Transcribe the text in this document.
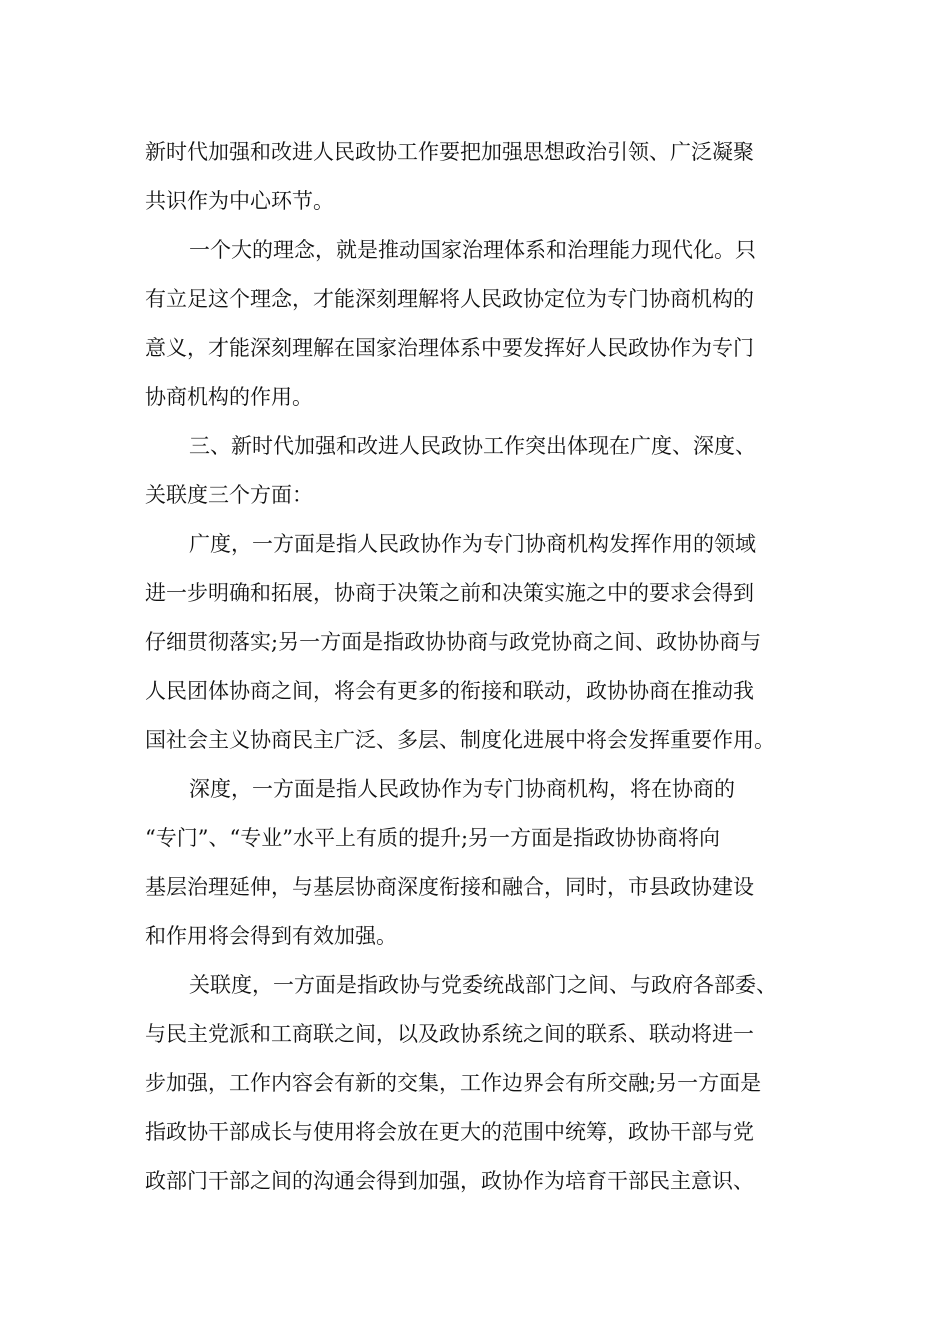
新时代加强和改进人民政协工作要把加强思想政治引领、广泛凝聚
共识作为中心环节。
一个大的理念，就是推动国家治理体系和治理能力现代化。只
有立足这个理念，才能深刻理解将人民政协定位为专门协商机构的
意义，才能深刻理解在国家治理体系中要发挥好人民政协作为专门
协商机构的作用。
三、新时代加强和改进人民政协工作突出体现在广度、深度、
关联度三个方面：
广度，一方面是指人民政协作为专门协商机构发挥作用的领域
进一步明确和拓展，协商于决策之前和决策实施之中的要求会得到
仔细贯彻落实;另一方面是指政协协商与政党协商之间、政协协商与
人民团体协商之间，将会有更多的衔接和联动，政协协商在推动我
国社会主义协商民主广泛、多层、制度化进展中将会发挥重要作用。
深度，一方面是指人民政协作为专门协商机构，将在协商的
“专门”、“专业”水平上有质的提升;另一方面是指政协协商将向
基层治理延伸，与基层协商深度衔接和融合，同时，市县政协建设
和作用将会得到有效加强。
关联度，一方面是指政协与党委统战部门之间、与政府各部委、
与民主党派和工商联之间，以及政协系统之间的联系、联动将进一
步加强，工作内容会有新的交集，工作边界会有所交融;另一方面是
指政协干部成长与使用将会放在更大的范围中统筹，政协干部与党
政部门干部之间的沟通会得到加强，政协作为培育干部民主意识、
